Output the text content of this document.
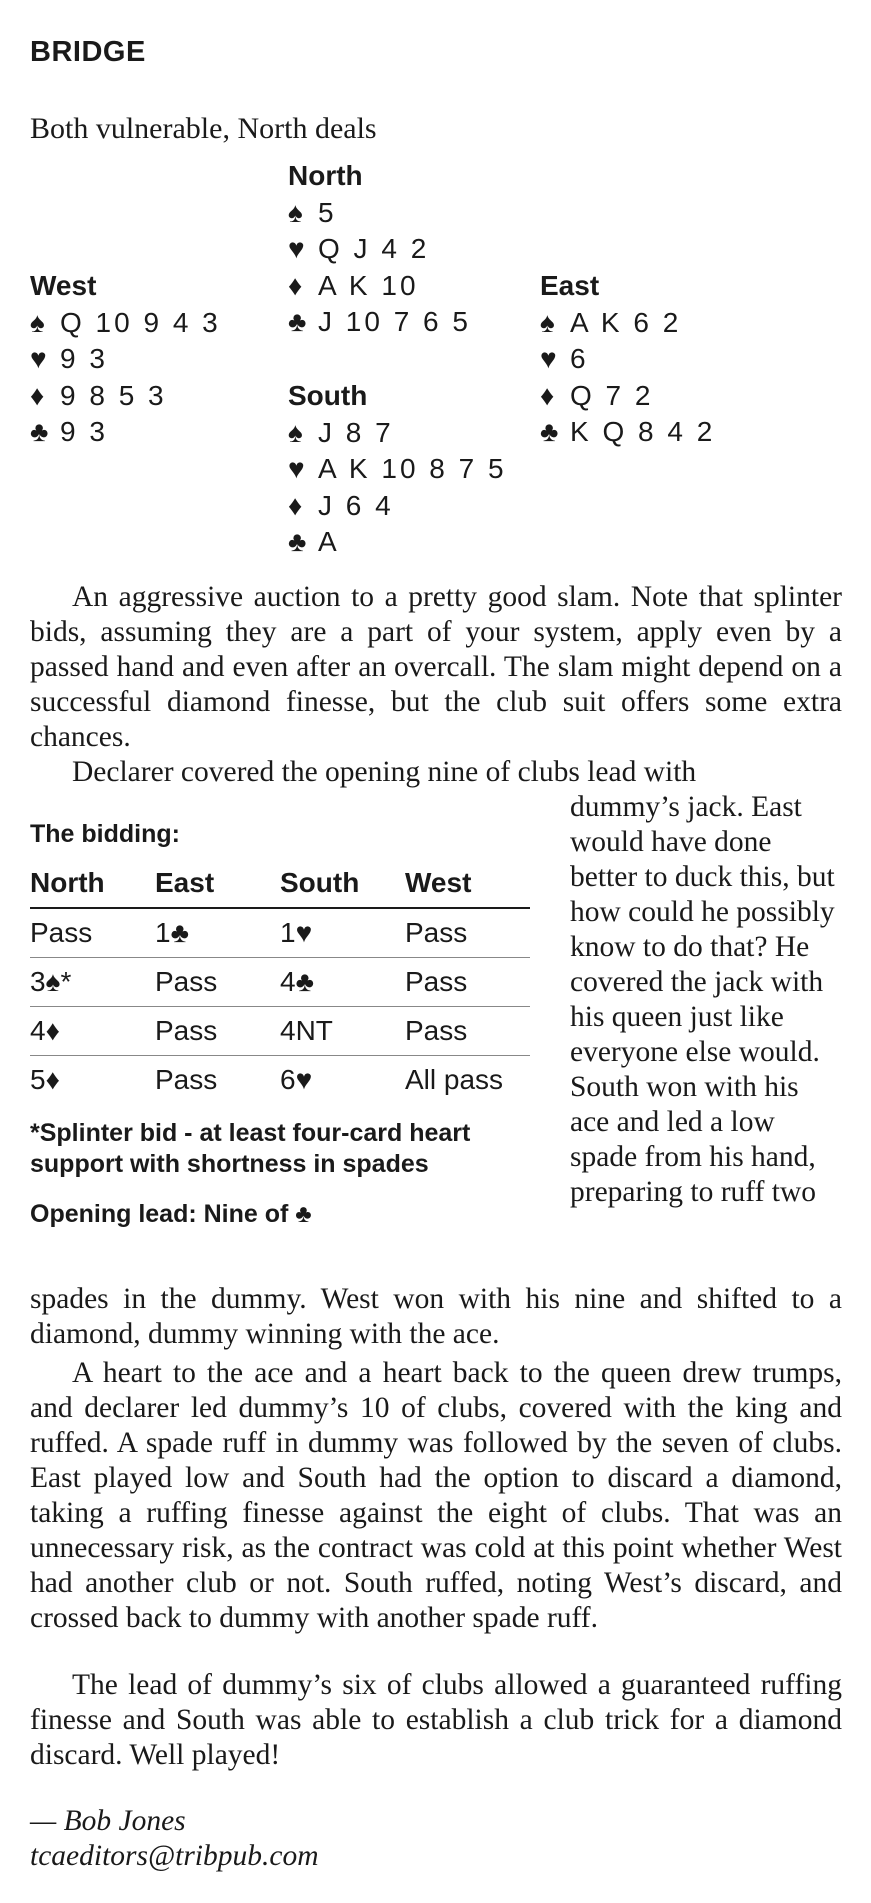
BRIDGE
Both vulnerable, North deals
North
♠ 5
♥ Q J 4 2
♦ A K 10
♣ J 10 7 6 5
West
♠ Q 10 9 4 3
♥ 9 3
♦ 9 8 5 3
♣ 9 3
East
♠ A K 6 2
♥ 6
♦ Q 7 2
♣ K Q 8 4 2
South
♠ J 8 7
♥ A K 10 8 7 5
♦ J 6 4
♣ A
An aggressive auction to a pretty good slam. Note that splinter bids, assuming they are a part of your system, apply even by a passed hand and even after an overcall. The slam might depend on a successful diamond finesse, but the club suit offers some extra chances.
Declarer covered the opening nine of clubs lead with
dummy’s jack. East would have done better to duck this, but how could he possibly know to do that? He covered the jack with his queen just like everyone else would. South won with his ace and led a low spade from his hand, preparing to ruff two
The bidding:
North	East	South	West
Pass	1♣	1♥	Pass
3♠*	Pass	4♣	Pass
4♦	Pass	4NT	Pass
5♦	Pass	6♥	All pass
*Splinter bid - at least four-card heart support with shortness in spades
Opening lead: Nine of ♣
spades in the dummy. West won with his nine and shifted to a diamond, dummy winning with the ace.
A heart to the ace and a heart back to the queen drew trumps, and declarer led dummy’s 10 of clubs, covered with the king and ruffed. A spade ruff in dummy was followed by the seven of clubs. East played low and South had the option to discard a diamond, taking a ruffing finesse against the eight of clubs. That was an unnecessary risk, as the contract was cold at this point whether West had another club or not. South ruffed, noting West’s discard, and crossed back to dummy with another spade ruff.
The lead of dummy’s six of clubs allowed a guaranteed ruffing finesse and South was able to establish a club trick for a diamond discard. Well played!
— Bob Jones
tcaeditors@tribpub.com
